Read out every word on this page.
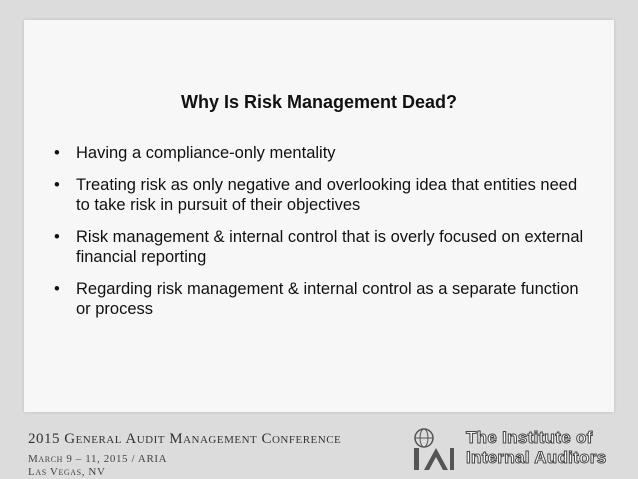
Why Is Risk Management Dead?
• Having a compliance-only mentality
• Treating risk as only negative and overlooking idea that entities need to take risk in pursuit of their objectives
• Risk management & internal control that is overly focused on external financial reporting
• Regarding risk management & internal control as a separate function or process
2015 General Audit Management Conference
March 9 – 11, 2015 / ARIA
Las Vegas, NV
The Institute of
Internal Auditors
